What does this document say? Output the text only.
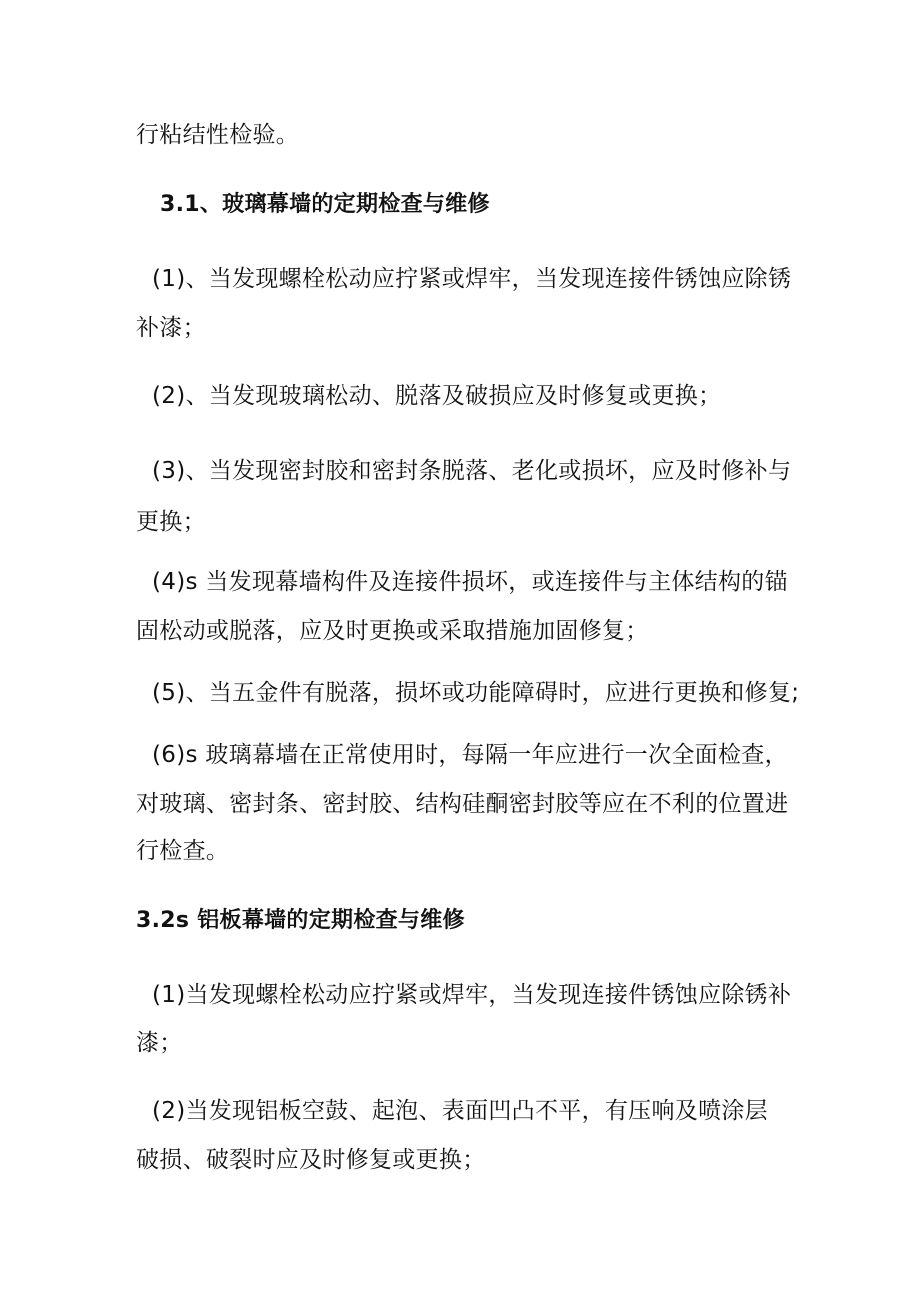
行粘结性检验。

3.1、玻璃幕墙的定期检查与维修

(1)、当发现螺栓松动应拧紧或焊牢，当发现连接件锈蚀应除锈

补漆；

(2)、当发现玻璃松动、脱落及破损应及时修复或更换；

(3)、当发现密封胶和密封条脱落、老化或损坏，应及时修补与

更换；

(4)s 当发现幕墙构件及连接件损坏，或连接件与主体结构的锚

固松动或脱落，应及时更换或采取措施加固修复；

(5)、当五金件有脱落，损坏或功能障碍时，应进行更换和修复;

(6)s 玻璃幕墙在正常使用时，每隔一年应进行一次全面检查，

对玻璃、密封条、密封胶、结构硅酮密封胶等应在不利的位置进

行检查。

3.2s 铝板幕墙的定期检查与维修

(1)当发现螺栓松动应拧紧或焊牢，当发现连接件锈蚀应除锈补

漆；

(2)当发现铝板空鼓、起泡、表面凹凸不平，有压响及喷涂层

破损、破裂时应及时修复或更换；
